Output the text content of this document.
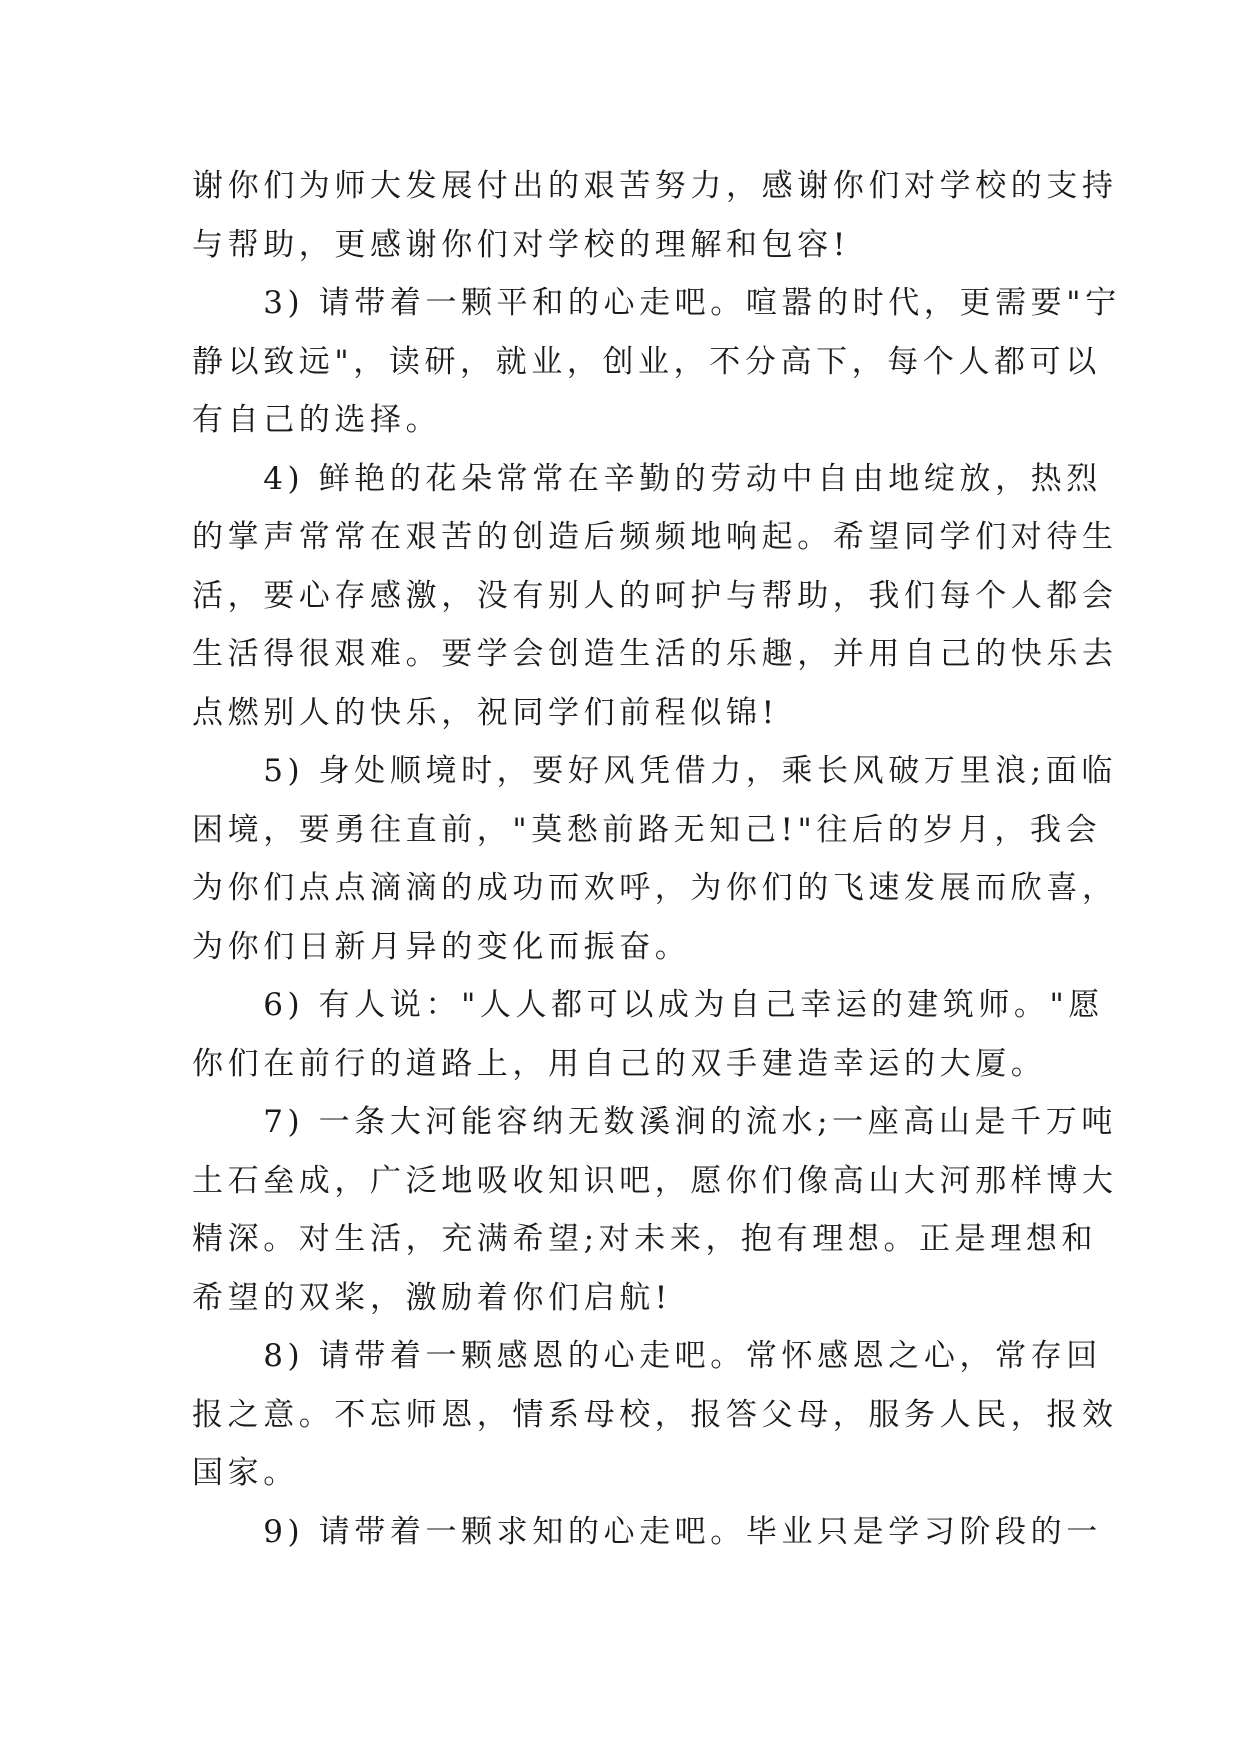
谢你们为师大发展付出的艰苦努力，感谢你们对学校的支持
与帮助，更感谢你们对学校的理解和包容!
　　3) 请带着一颗平和的心走吧。喧嚣的时代，更需要"宁
静以致远"，读研，就业，创业，不分高下，每个人都可以
有自己的选择。
　　4) 鲜艳的花朵常常在辛勤的劳动中自由地绽放，热烈
的掌声常常在艰苦的创造后频频地响起。希望同学们对待生
活，要心存感激，没有别人的呵护与帮助，我们每个人都会
生活得很艰难。要学会创造生活的乐趣，并用自己的快乐去
点燃别人的快乐，祝同学们前程似锦!
　　5) 身处顺境时，要好风凭借力，乘长风破万里浪;面临
困境，要勇往直前，"莫愁前路无知己!"往后的岁月，我会
为你们点点滴滴的成功而欢呼，为你们的飞速发展而欣喜，
为你们日新月异的变化而振奋。
　　6) 有人说："人人都可以成为自己幸运的建筑师。"愿
你们在前行的道路上，用自己的双手建造幸运的大厦。
　　7) 一条大河能容纳无数溪涧的流水;一座高山是千万吨
土石垒成，广泛地吸收知识吧，愿你们像高山大河那样博大
精深。对生活，充满希望;对未来，抱有理想。正是理想和
希望的双桨，激励着你们启航!
　　8) 请带着一颗感恩的心走吧。常怀感恩之心，常存回
报之意。不忘师恩，情系母校，报答父母，服务人民，报效
国家。
　　9) 请带着一颗求知的心走吧。毕业只是学习阶段的一
